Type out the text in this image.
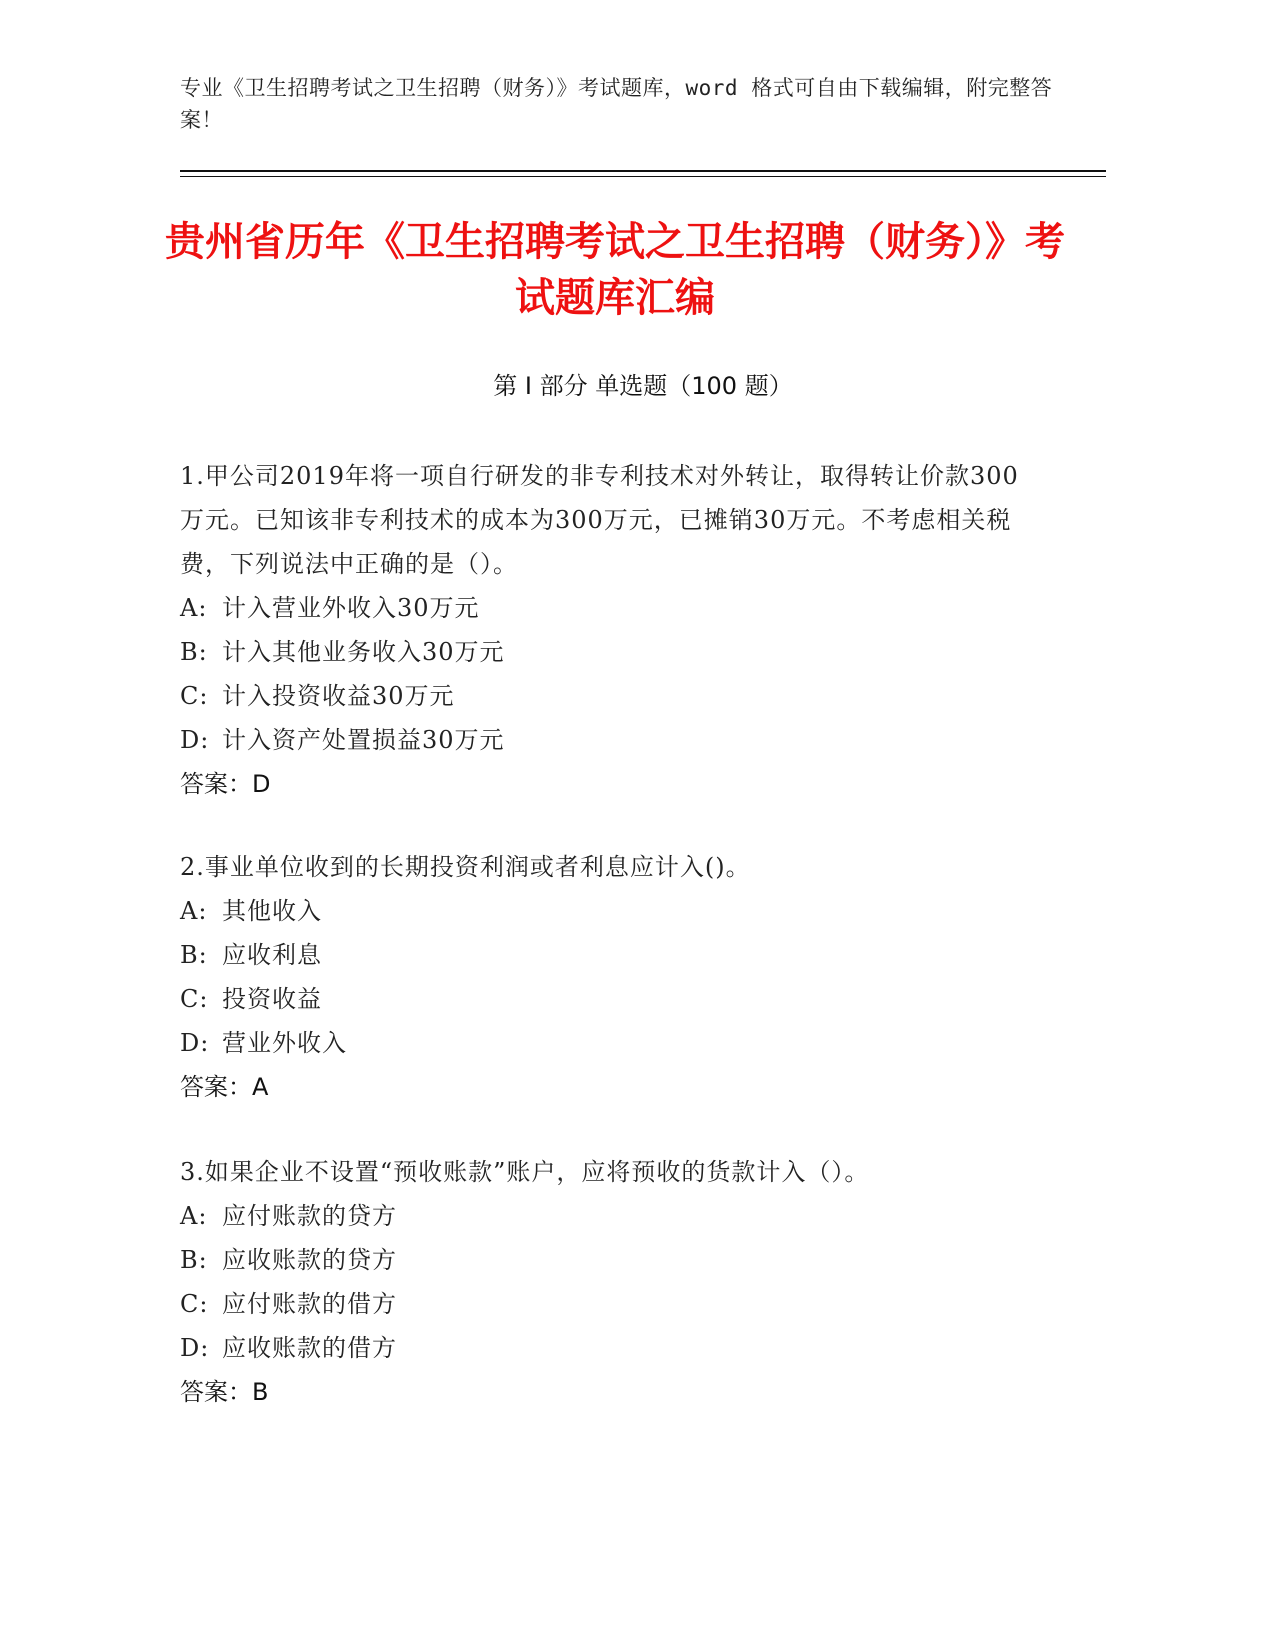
专业《卫生招聘考试之卫生招聘（财务）》考试题库，word 格式可自由下载编辑，附完整答案！
贵州省历年《卫生招聘考试之卫生招聘（财务）》考试题库汇编
第 I 部分 单选题（100 题）
1.甲公司2019年将一项自行研发的非专利技术对外转让，取得转让价款300万元。已知该非专利技术的成本为300万元，已摊销30万元。不考虑相关税费，下列说法中正确的是（）。
A: 计入营业外收入30万元
B: 计入其他业务收入30万元
C: 计入投资收益30万元
D: 计入资产处置损益30万元
答案：D
2.事业单位收到的长期投资利润或者利息应计入()。
A: 其他收入
B: 应收利息
C: 投资收益
D: 营业外收入
答案：A
3.如果企业不设置“预收账款”账户，应将预收的货款计入（）。
A: 应付账款的贷方
B: 应收账款的贷方
C: 应付账款的借方
D: 应收账款的借方
答案：B
